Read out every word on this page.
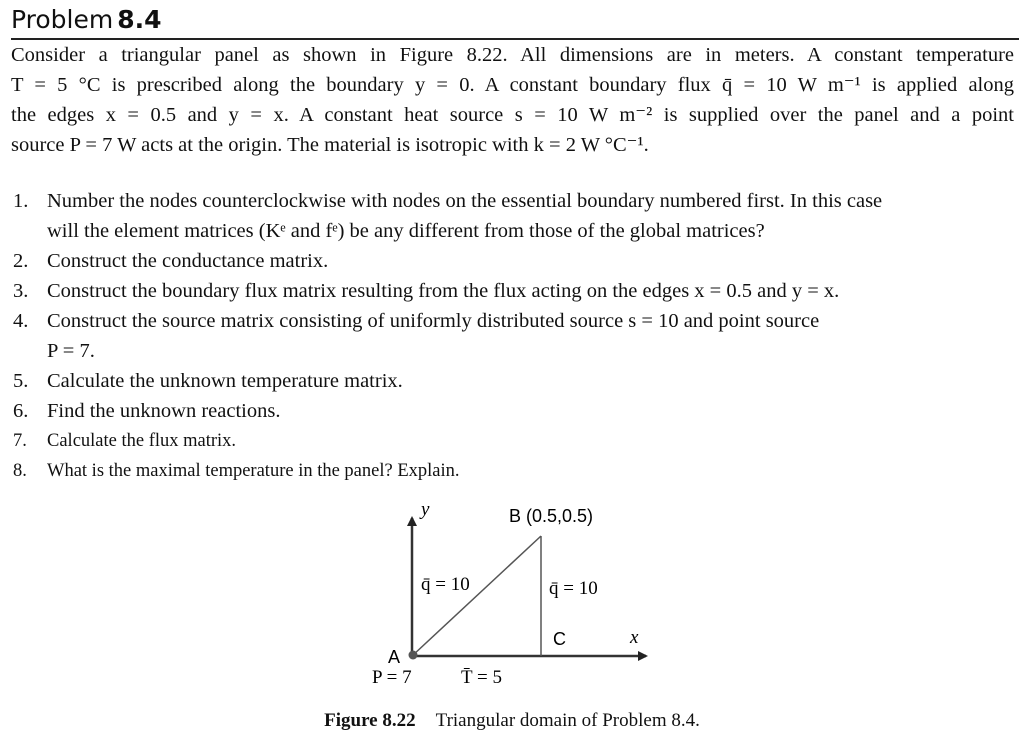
Problem 8.4
Consider a triangular panel as shown in Figure 8.22. All dimensions are in meters. A constant temperature
T = 5 °C is prescribed along the boundary y = 0. A constant boundary flux q̄ = 10 W m⁻¹ is applied along
the edges x = 0.5 and y = x. A constant heat source s = 10 W m⁻² is supplied over the panel and a point
source P = 7 W acts at the origin. The material is isotropic with k = 2 W °C⁻¹.
1. Number the nodes counterclockwise with nodes on the essential boundary numbered first. In this case
will the element matrices (Kᵉ and fᵉ) be any different from those of the global matrices?
2. Construct the conductance matrix.
3. Construct the boundary flux matrix resulting from the flux acting on the edges x = 0.5 and y = x.
4. Construct the source matrix consisting of uniformly distributed source s = 10 and point source
P = 7.
5. Calculate the unknown temperature matrix.
6. Find the unknown reactions.
7. Calculate the flux matrix.
8. What is the maximal temperature in the panel? Explain.
y
x
B (0.5,0.5)
A
C
q̄ = 10	q̄ = 10
P = 7	T̄ = 5
Figure 8.22 Triangular domain of Problem 8.4.
